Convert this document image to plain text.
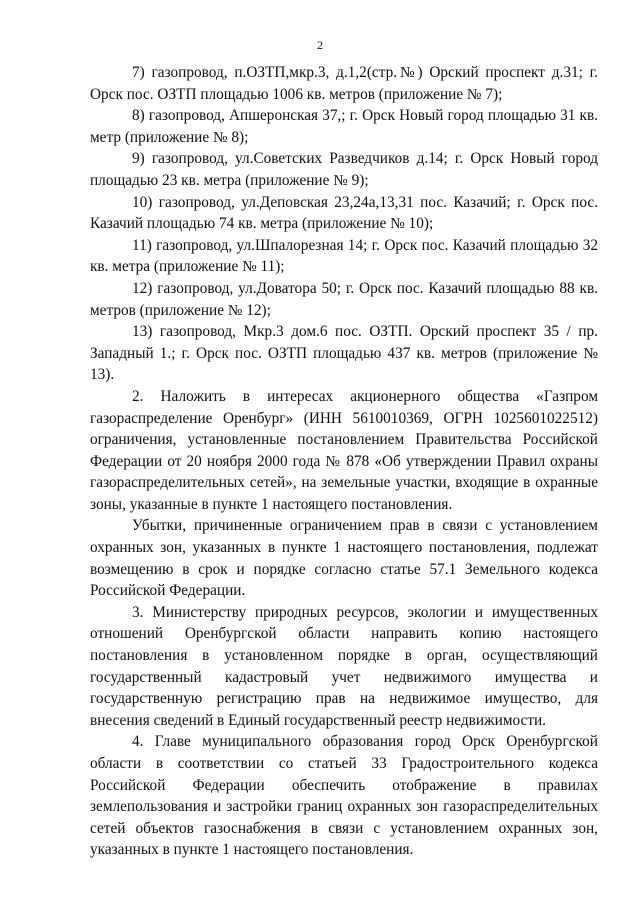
2

7) газопровод, п.ОЗТП,мкр.3, д.1,2(стр.№) Орский проспект д.31; г. Орск пос. ОЗТП площадью 1006 кв. метров (приложение № 7);

8) газопровод, Апшеронская 37,; г. Орск Новый город площадью 31 кв. метр (приложение № 8);

9) газопровод, ул.Советских Разведчиков д.14; г. Орск Новый город площадью 23 кв. метра (приложение № 9);

10) газопровод, ул.Деповская 23,24а,13,31 пос. Казачий; г. Орск пос. Казачий площадью 74 кв. метра (приложение № 10);

11) газопровод, ул.Шпалорезная 14; г. Орск пос. Казачий площадью 32 кв. метра (приложение № 11);

12) газопровод, ул.Доватора 50; г. Орск пос. Казачий площадью 88 кв. метров (приложение № 12);

13) газопровод, Мкр.3 дом.6 пос. ОЗТП. Орский проспект 35 / пр. Западный 1.; г. Орск пос. ОЗТП площадью 437 кв. метров (приложение № 13).

2. Наложить в интересах акционерного общества «Газпром газораспределение Оренбург» (ИНН 5610010369, ОГРН 1025601022512) ограничения, установленные постановлением Правительства Российской Федерации от 20 ноября 2000 года № 878 «Об утверждении Правил охраны газораспределительных сетей», на земельные участки, входящие в охранные зоны, указанные в пункте 1 настоящего постановления.

Убытки, причиненные ограничением прав в связи с установлением охранных зон, указанных в пункте 1 настоящего постановления, подлежат возмещению в срок и порядке согласно статье 57.1 Земельного кодекса Российской Федерации.

3. Министерству природных ресурсов, экологии и имущественных отношений Оренбургской области направить копию настоящего постановления в установленном порядке в орган, осуществляющий государственный кадастровый учет недвижимого имущества и государственную регистрацию прав на недвижимое имущество, для внесения сведений в Единый государственный реестр недвижимости.

4. Главе муниципального образования город Орск Оренбургской области в соответствии со статьей 33 Градостроительного кодекса Российской Федерации обеспечить отображение в правилах землепользования и застройки границ охранных зон газораспределительных сетей объектов газоснабжения в связи с установлением охранных зон, указанных в пункте 1 настоящего постановления.
